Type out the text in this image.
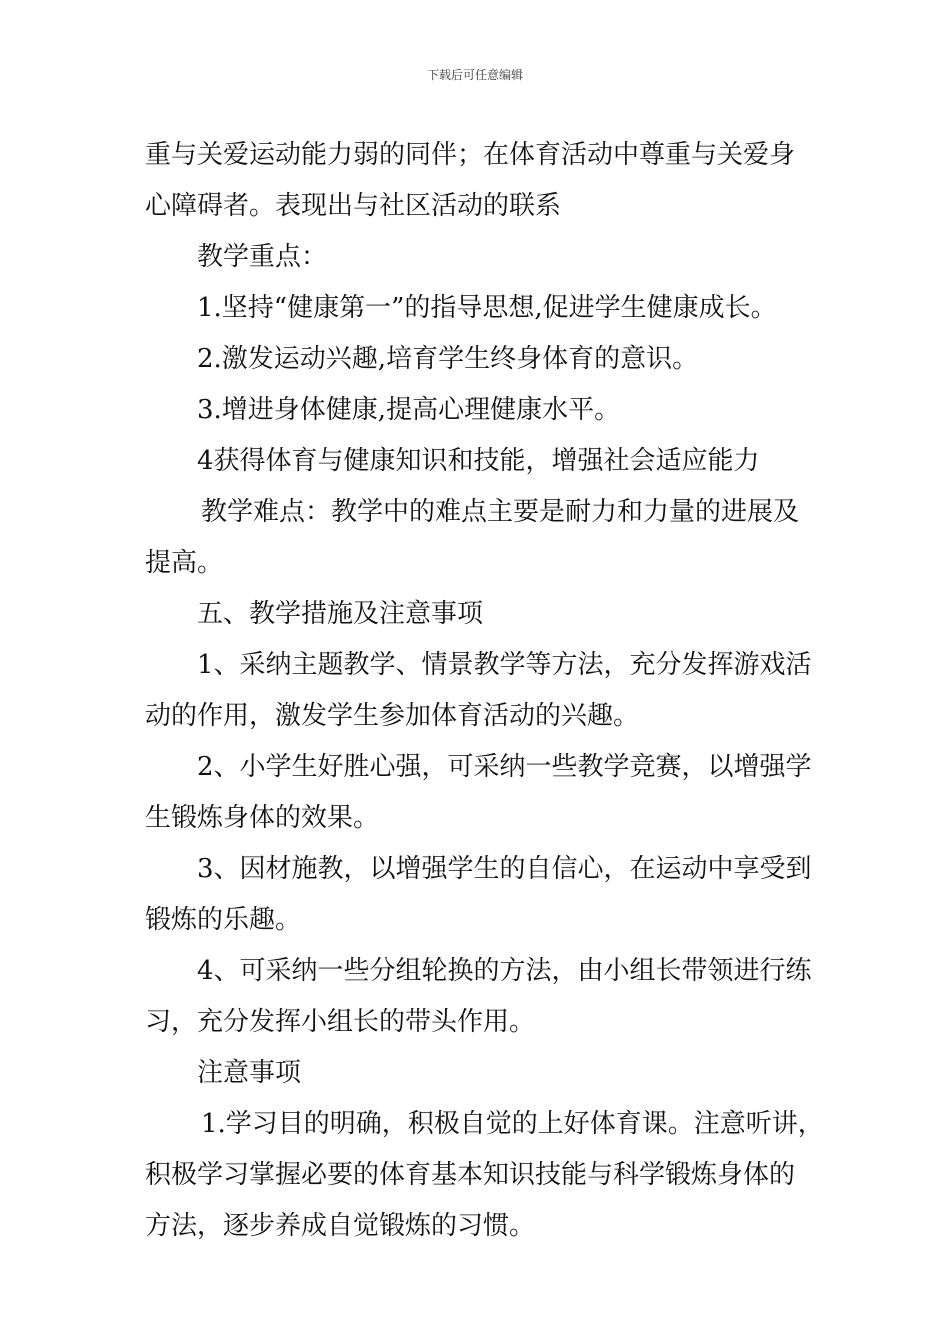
下载后可任意编辑

重与关爱运动能力弱的同伴；在体育活动中尊重与关爱身

心障碍者。表现出与社区活动的联系

教学重点：

1.坚持“健康第一”的指导思想,促进学生健康成长。

2.激发运动兴趣,培育学生终身体育的意识。

3.增进身体健康,提高心理健康水平。

4获得体育与健康知识和技能，增强社会适应能力

教学难点：教学中的难点主要是耐力和力量的进展及

提高。

五、教学措施及注意事项

1、采纳主题教学、情景教学等方法，充分发挥游戏活

动的作用，激发学生参加体育活动的兴趣。

2、小学生好胜心强，可采纳一些教学竞赛，以增强学

生锻炼身体的效果。

3、因材施教，以增强学生的自信心，在运动中享受到

锻炼的乐趣。

4、可采纳一些分组轮换的方法，由小组长带领进行练

习，充分发挥小组长的带头作用。

注意事项

1.学习目的明确，积极自觉的上好体育课。注意听讲，

积极学习掌握必要的体育基本知识技能与科学锻炼身体的

方法，逐步养成自觉锻炼的习惯。
